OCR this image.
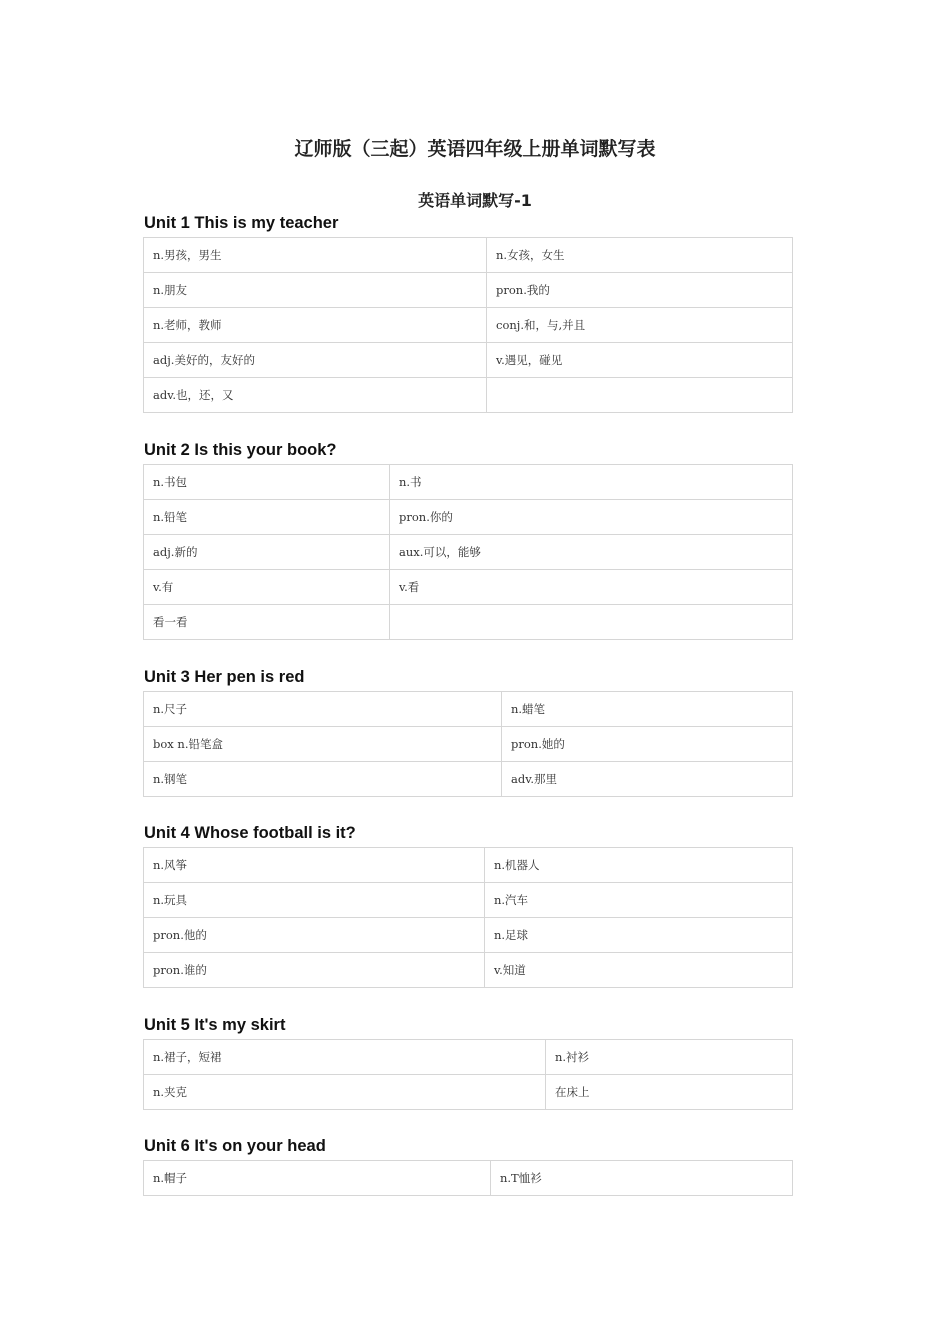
辽师版（三起）英语四年级上册单词默写表
英语单词默写-1
Unit 1 This is my teacher
n.男孩，男生	n.女孩，女生
n.朋友	pron.我的
n.老师，教师	conj.和，与,并且
adj.美好的，友好的	v.遇见，碰见
adv.也，还，又	
Unit 2 Is this your book?
n.书包	n.书
n.铅笔	pron.你的
adj.新的	aux.可以，能够
v.有	v.看
看一看	
Unit 3 Her pen is red
n.尺子	n.蜡笔
box n.铅笔盒	pron.她的
n.钢笔	adv.那里
Unit 4 Whose football is it?
n.风筝	n.机器人
n.玩具	n.汽车
pron.他的	n.足球
pron.谁的	v.知道
Unit 5 It's my skirt
n.裙子，短裙	n.衬衫
n.夹克	在床上
Unit 6 It's on your head
n.帽子	n.T恤衫
